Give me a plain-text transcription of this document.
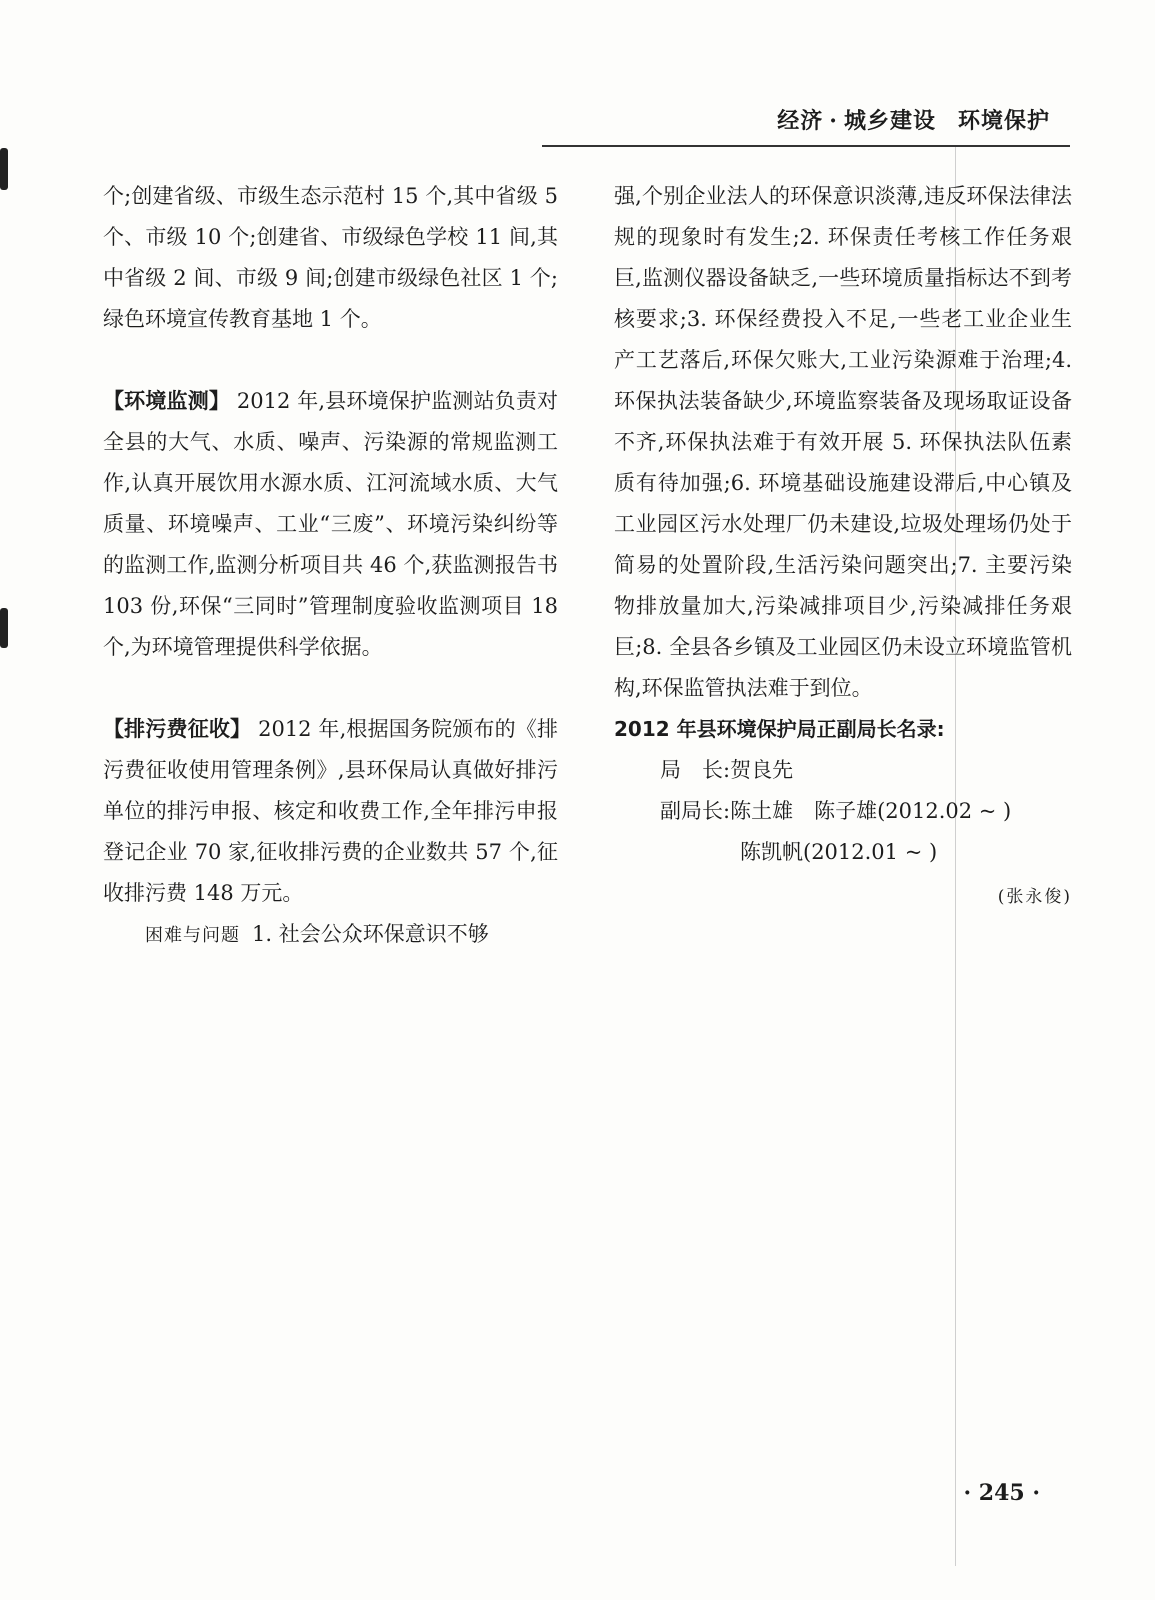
经济 · 城乡建设 环境保护

个;创建省级、市级生态示范村 15 个,其中省级 5 个、市级 10 个;创建省、市级绿色学校 11 间,其中省级 2 间、市级 9 间;创建市级绿色社区 1 个;绿色环境宣传教育基地 1 个。

【环境监测】 2012 年,县环境保护监测站负责对全县的大气、水质、噪声、污染源的常规监测工作,认真开展饮用水源水质、江河流域水质、大气质量、环境噪声、工业“三废”、环境污染纠纷等的监测工作,监测分析项目共 46 个,获监测报告书 103 份,环保“三同时”管理制度验收监测项目 18 个,为环境管理提供科学依据。

【排污费征收】 2012 年,根据国务院颁布的《排污费征收使用管理条例》,县环保局认真做好排污单位的排污申报、核定和收费工作,全年排污申报登记企业 70 家,征收排污费的企业数共 57 个,征收排污费 148 万元。

困难与问题 1. 社会公众环保意识不够

强,个别企业法人的环保意识淡薄,违反环保法律法规的现象时有发生;2. 环保责任考核工作任务艰巨,监测仪器设备缺乏,一些环境质量指标达不到考核要求;3. 环保经费投入不足,一些老工业企业生产工艺落后,环保欠账大,工业污染源难于治理;4. 环保执法装备缺少,环境监察装备及现场取证设备不齐,环保执法难于有效开展 5. 环保执法队伍素质有待加强;6. 环境基础设施建设滞后,中心镇及工业园区污水处理厂仍未建设,垃圾处理场仍处于简易的处置阶段,生活污染问题突出;7. 主要污染物排放量加大,污染减排项目少,污染减排任务艰巨;8. 全县各乡镇及工业园区仍未设立环境监管机构,环保监管执法难于到位。

2012 年县环境保护局正副局长名录:

局　长:贺良先
副局长:陈土雄　陈子雄(2012.02 ~ )
陈凯帆(2012.01 ~ )
(张永俊)
· 245 ·
